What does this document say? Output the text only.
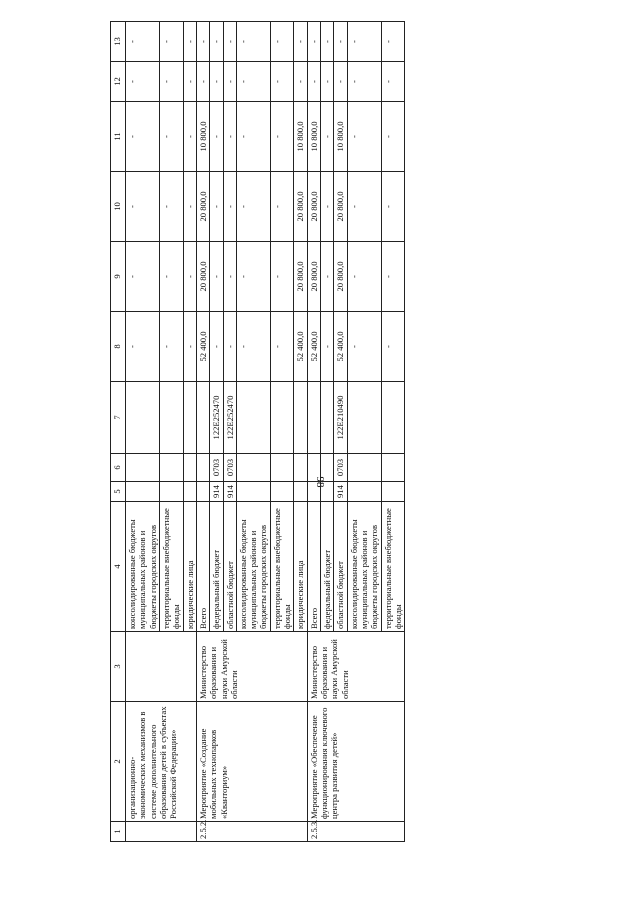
98
1	2	3	4	5	6	7	8	9	10	11	12	13
	организационно-экономических механизмов в системе дополнительного образования детей в субъектах Российской Федерации»		консолидированные бюджеты муниципальных районов и бюджеты городских округов				-	-	-	-	-	-
			территориальные внебюджетные фонды				-	-	-	-	-	-
			юридические лица				-	-	-	-	-	-
2.5.2.	Мероприятие «Создание мобильных технопарков «Кванториум»	Министерство образования и науки Амурской области	Всего				52 400,0	20 800,0	20 800,0	10 800,0	-	-
			федеральный бюджет	914	0703	122E252470	-	-	-	-	-	-
			областной бюджет	914	0703	122E252470	-	-	-	-	-	-
			консолидированные бюджеты муниципальных районов и бюджеты городских округов				-	-	-	-	-	-
			территориальные внебюджетные фонды				-	-	-	-	-	-
			юридические лица				52 400,0	20 800,0	20 800,0	10 800,0	-	-
2.5.3.	Мероприятие «Обеспечение функционирования ключевого центра развития детей»	Министерство образования и науки Амурской области	Всего				52 400,0	20 800,0	20 800,0	10 800,0	-	-
			федеральный бюджет				-	-	-	-	-	-
			областной бюджет	914	0703	122E210490	52 400,0	20 800,0	20 800,0	10 800,0	-	-
			консолидированные бюджеты муниципальных районов и бюджеты городских округов				-	-	-	-	-	-
			территориальные внебюджетные фонды				-	-	-	-	-	-
